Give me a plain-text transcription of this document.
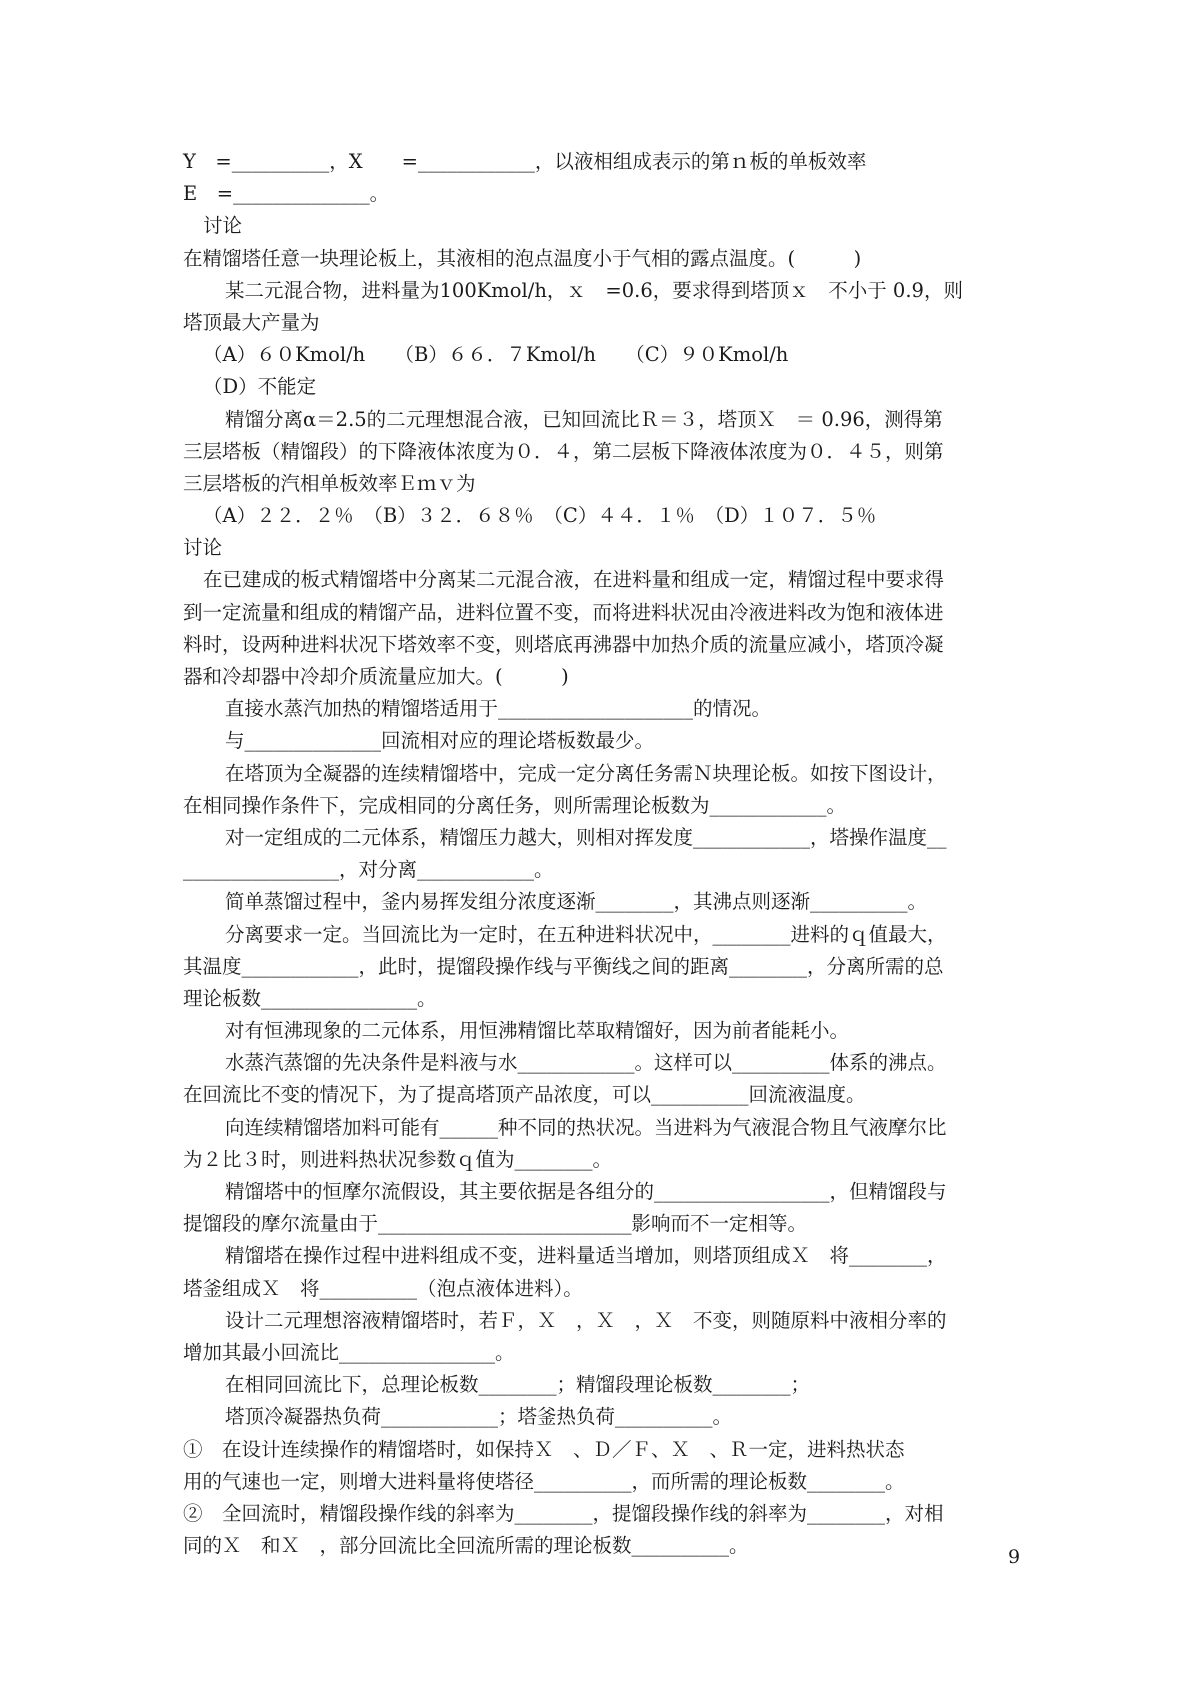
Y　=__________，X　　=____________，以液相组成表示的第ｎ板的单板效率
E　=______________。
讨论
在精馏塔任意一块理论板上，其液相的泡点温度小于气相的露点温度。(　　　)
某二元混合物，进料量为100Kmol/h，ｘ　=0.6，要求得到塔顶ｘ　不小于 0.9，则
塔顶最大产量为
（A）６０Kmol/h　　（B）６６．７Kmol/h　　（C）９０Kmol/h
（D）不能定
精馏分离α＝2.5的二元理想混合液，已知回流比Ｒ＝３，塔顶Ｘ　＝ 0.96，测得第
三层塔板（精馏段）的下降液体浓度为０．４，第二层板下降液体浓度为０．４５，则第
三层塔板的汽相单板效率Ｅｍｖ为
（A）２２．２％　（B）３２．６８％　（C）４４．１％　（D）１０７．５％
讨论
在已建成的板式精馏塔中分离某二元混合液，在进料量和组成一定，精馏过程中要求得
到一定流量和组成的精馏产品，进料位置不变，而将进料状况由冷液进料改为饱和液体进
料时，设两种进料状况下塔效率不变，则塔底再沸器中加热介质的流量应减小，塔顶冷凝
器和冷却器中冷却介质流量应加大。(　　　)
直接水蒸汽加热的精馏塔适用于____________________的情况。
与______________回流相对应的理论塔板数最少。
在塔顶为全凝器的连续精馏塔中，完成一定分离任务需Ｎ块理论板。如按下图设计，
在相同操作条件下，完成相同的分离任务，则所需理论板数为____________。
对一定组成的二元体系，精馏压力越大，则相对挥发度____________，塔操作温度__
________________，对分离____________。
简单蒸馏过程中，釜内易挥发组分浓度逐渐________，其沸点则逐渐__________。
分离要求一定。当回流比为一定时，在五种进料状况中，________进料的ｑ值最大，
其温度____________，此时，提馏段操作线与平衡线之间的距离________，分离所需的总
理论板数________________。
对有恒沸现象的二元体系，用恒沸精馏比萃取精馏好，因为前者能耗小。
水蒸汽蒸馏的先决条件是料液与水____________。这样可以__________体系的沸点。
在回流比不变的情况下，为了提高塔顶产品浓度，可以__________回流液温度。
向连续精馏塔加料可能有______种不同的热状况。当进料为气液混合物且气液摩尔比
为２比３时，则进料热状况参数ｑ值为________。
精馏塔中的恒摩尔流假设，其主要依据是各组分的__________________，但精馏段与
提馏段的摩尔流量由于__________________________影响而不一定相等。
精馏塔在操作过程中进料组成不变，进料量适当增加，则塔顶组成Ｘ　将________，
塔釜组成Ｘ　将__________（泡点液体进料）。
设计二元理想溶液精馏塔时，若Ｆ，Ｘ　，Ｘ　，Ｘ　不变，则随原料中液相分率的
增加其最小回流比________________。
在相同回流比下，总理论板数________；精馏段理论板数________；
塔顶冷凝器热负荷____________；塔釜热负荷__________。
①　在设计连续操作的精馏塔时，如保持Ｘ　、Ｄ／Ｆ、Ｘ　、Ｒ一定，进料热状态
用的气速也一定，则增大进料量将使塔径__________，而所需的理论板数________。
②　全回流时，精馏段操作线的斜率为________，提馏段操作线的斜率为________，对相
同的Ｘ　和Ｘ　，部分回流比全回流所需的理论板数__________。	9
